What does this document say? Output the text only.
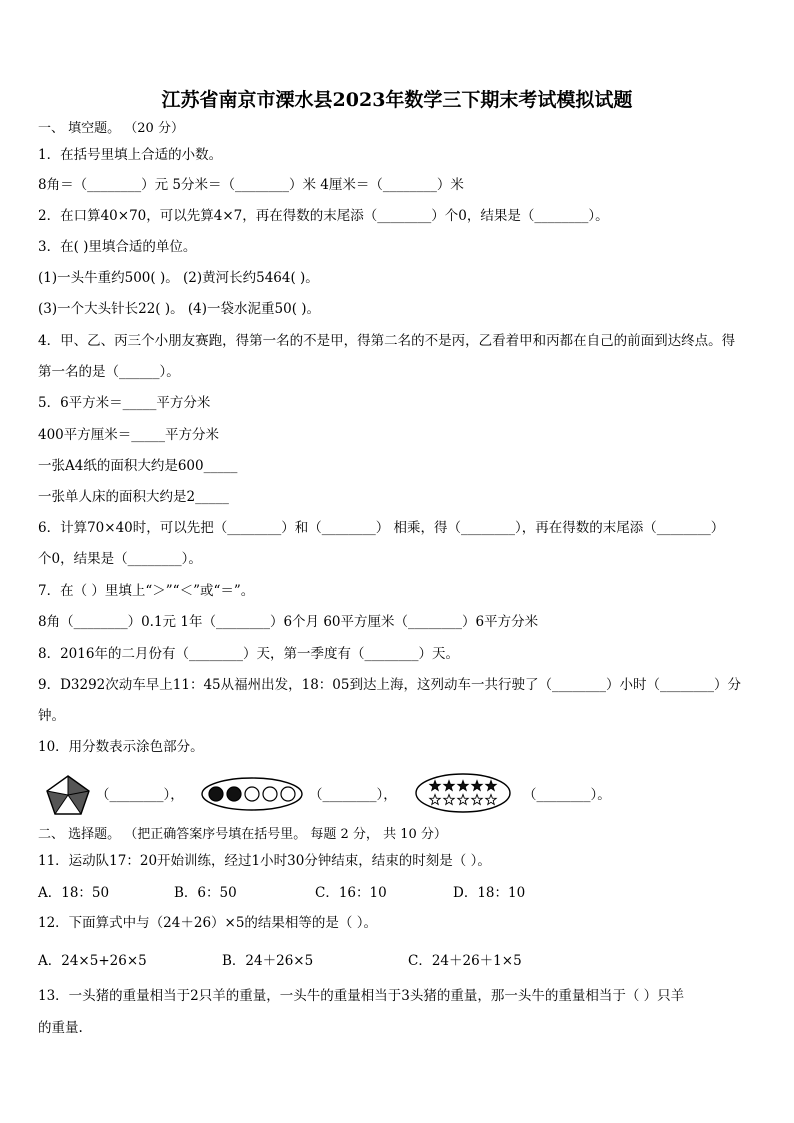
江苏省南京市溧水县2023年数学三下期末考试模拟试题
一、 填空题。 （20 分）
1．在括号里填上合适的小数。
8角＝（________）元 5分米＝（________）米 4厘米＝（________）米
2．在口算40×70，可以先算4×7，再在得数的末尾添（________）个0，结果是（________）。
3．在( )里填合适的单位。
(1)一头牛重约500( )。 (2)黄河长约5464( )。
(3)一个大头针长22( )。 (4)一袋水泥重50( )。
4．甲、乙、丙三个小朋友赛跑，得第一名的不是甲，得第二名的不是丙，乙看着甲和丙都在自己的前面到达终点。得
第一名的是（______）。
5．6平方米＝_____平方分米
400平方厘米＝_____平方分米
一张A4纸的面积大约是600_____
一张单人床的面积大约是2_____
6．计算70×40时，可以先把（________）和（________） 相乘，得（________），再在得数的末尾添（________）
个0，结果是（________）。
7．在（ ）里填上“＞”“＜”或“＝”。
8角（________）0.1元 1年（________）6个月 60平方厘米（________）6平方分米
8．2016年的二月份有（________）天，第一季度有（________）天。
9．D3292次动车早上11：45从福州出发，18：05到达上海，这列动车一共行驶了（________）小时（________）分
钟。
10．用分数表示涂色部分。
（________），	（________），	（________）。
二、 选择题。 （把正确答案序号填在括号里。 每题 2 分， 共 10 分）
11．运动队17：20开始训练，经过1小时30分钟结束，结束的时刻是（ ）。
A．18：50	B．6：50	C．16：10	D．18：10
12．下面算式中与（24＋26）×5的结果相等的是（ ）。
A．24×5+26×5	B．24＋26×5	C．24＋26＋1×5
13．一头猪的重量相当于2只羊的重量，一头牛的重量相当于3头猪的重量，那一头牛的重量相当于（ ）只羊
的重量.
